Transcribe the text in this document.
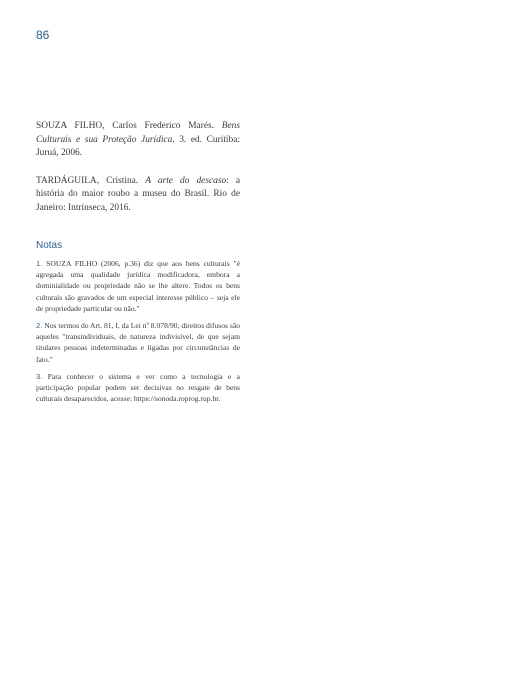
86

SOUZA FILHO, Carlos Frederico Marés. Bens Culturais e sua Proteção Jurídica. 3. ed. Curitiba: Juruá, 2006.

TARDÁGUILA, Cristina. A arte do descaso: a história do maior roubo a museu do Brasil. Rio de Janeiro: Intrínseca, 2016.

Notas

1. SOUZA FILHO (2006, p.36) diz que aos bens culturais "é agregada uma qualidade jurídica modificadora, embora a dominialidade ou propriedade não se lhe altere. Todos os bens culturais são gravados de um especial interesse público – seja ele de propriedade particular ou não."

2. Nos termos do Art. 81, I, da Lei nº 8.078/90, direitos difusos são aqueles "transindividuais, de natureza indivisível, de que sejam titulares pessoas indeterminadas e ligadas por circunstâncias de fato."

3. Para conhecer o sistema e ver como a tecnologia e a participação popular podem ser decisivas no resgate de bens culturais desaparecidos, acesse: https://sonoda.roprog.rup.br.
